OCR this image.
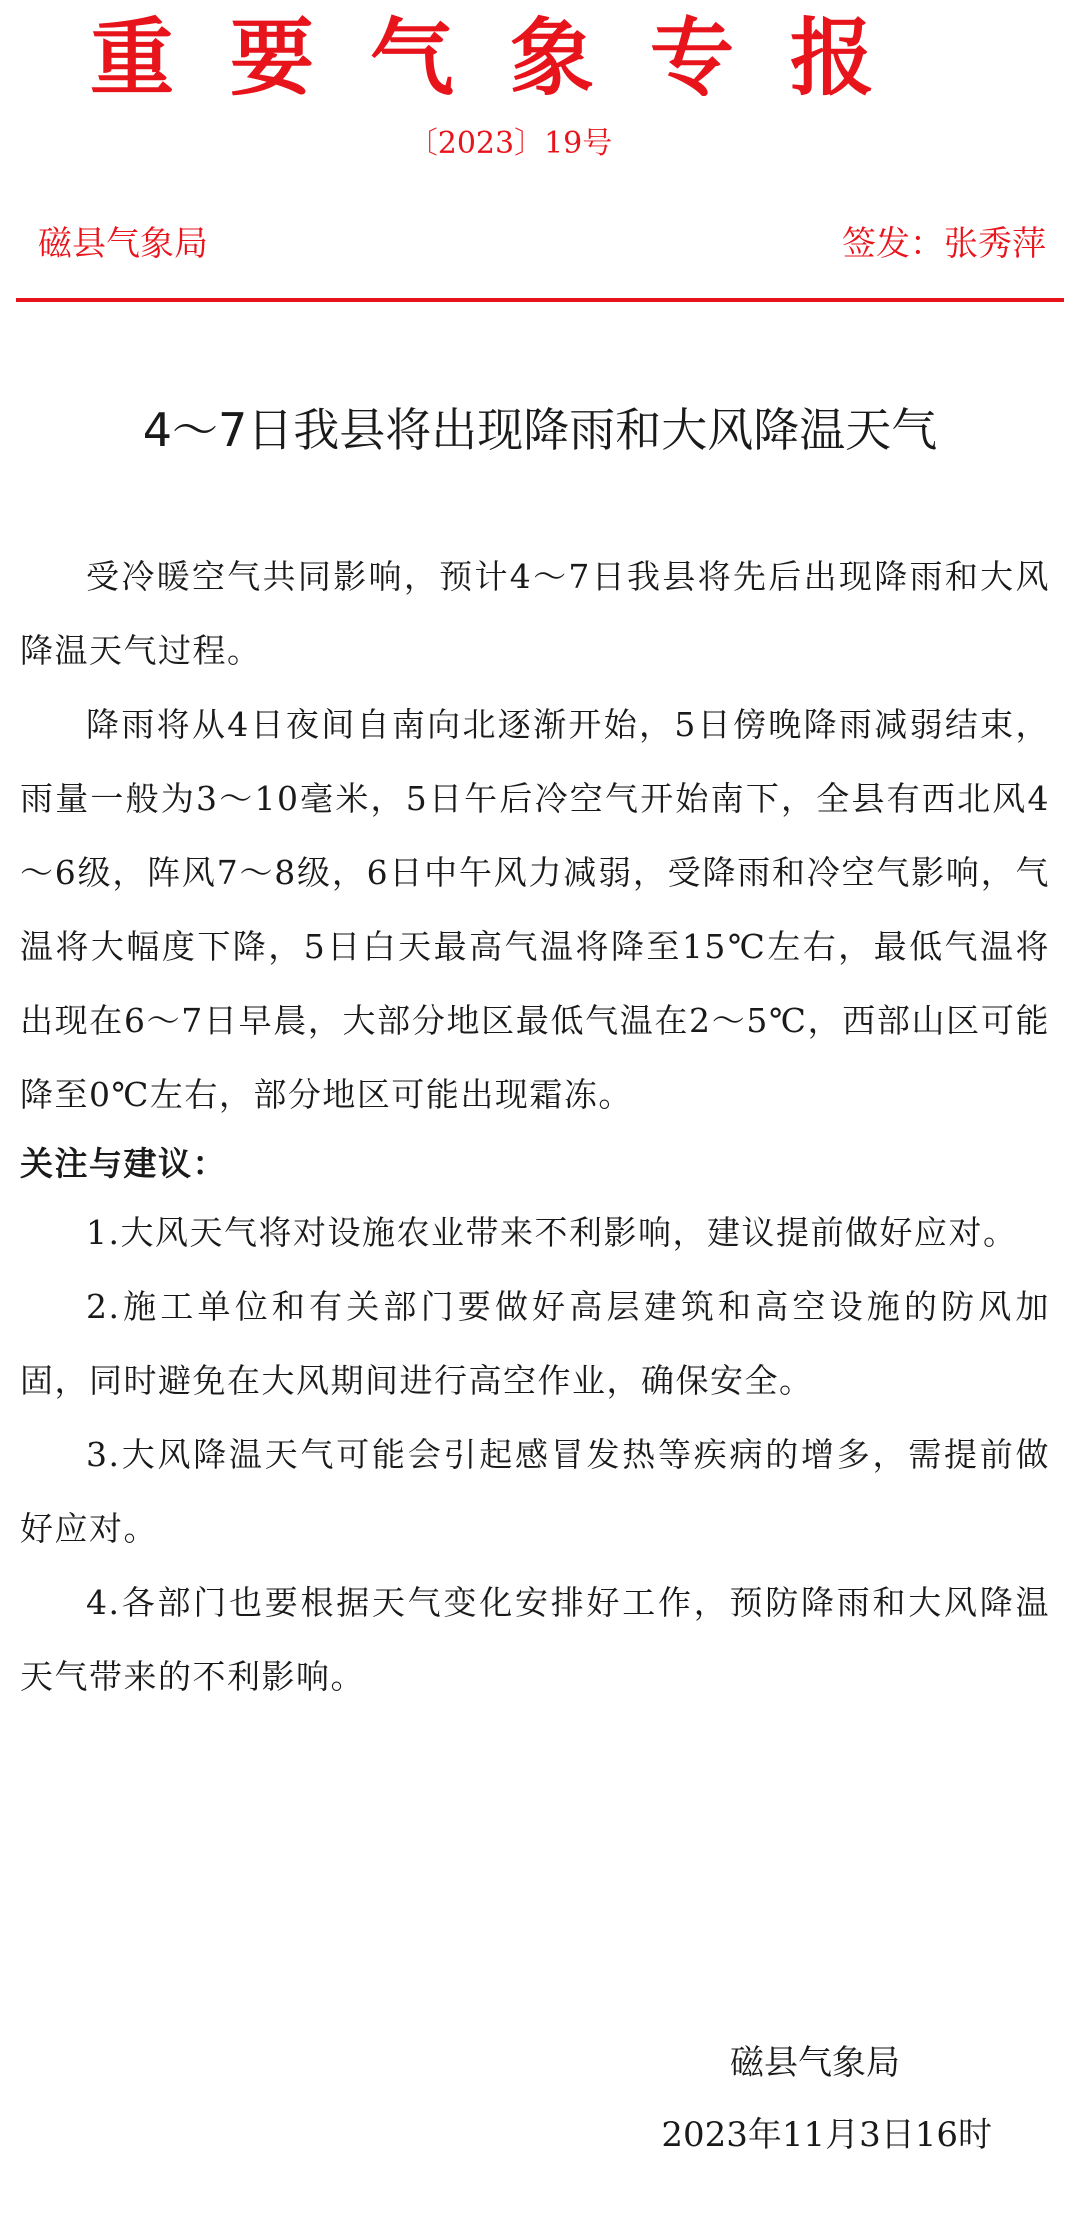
重要气象专报
〔2023〕19号
磁县气象局	签发：张秀萍
4～7日我县将出现降雨和大风降温天气

受冷暖空气共同影响，预计4～7日我县将先后出现降雨和大风降温天气过程。

降雨将从4日夜间自南向北逐渐开始，5日傍晚降雨减弱结束，雨量一般为3～10毫米，5日午后冷空气开始南下，全县有西北风4～6级，阵风7～8级，6日中午风力减弱，受降雨和冷空气影响，气温将大幅度下降，5日白天最高气温将降至15℃左右，最低气温将出现在6～7日早晨，大部分地区最低气温在2～5℃，西部山区可能降至0℃左右，部分地区可能出现霜冻。

关注与建议：

1.大风天气将对设施农业带来不利影响，建议提前做好应对。

2.施工单位和有关部门要做好高层建筑和高空设施的防风加固，同时避免在大风期间进行高空作业，确保安全。

3.大风降温天气可能会引起感冒发热等疾病的增多，需提前做好应对。

4.各部门也要根据天气变化安排好工作，预防降雨和大风降温天气带来的不利影响。

磁县气象局
2023年11月3日16时
